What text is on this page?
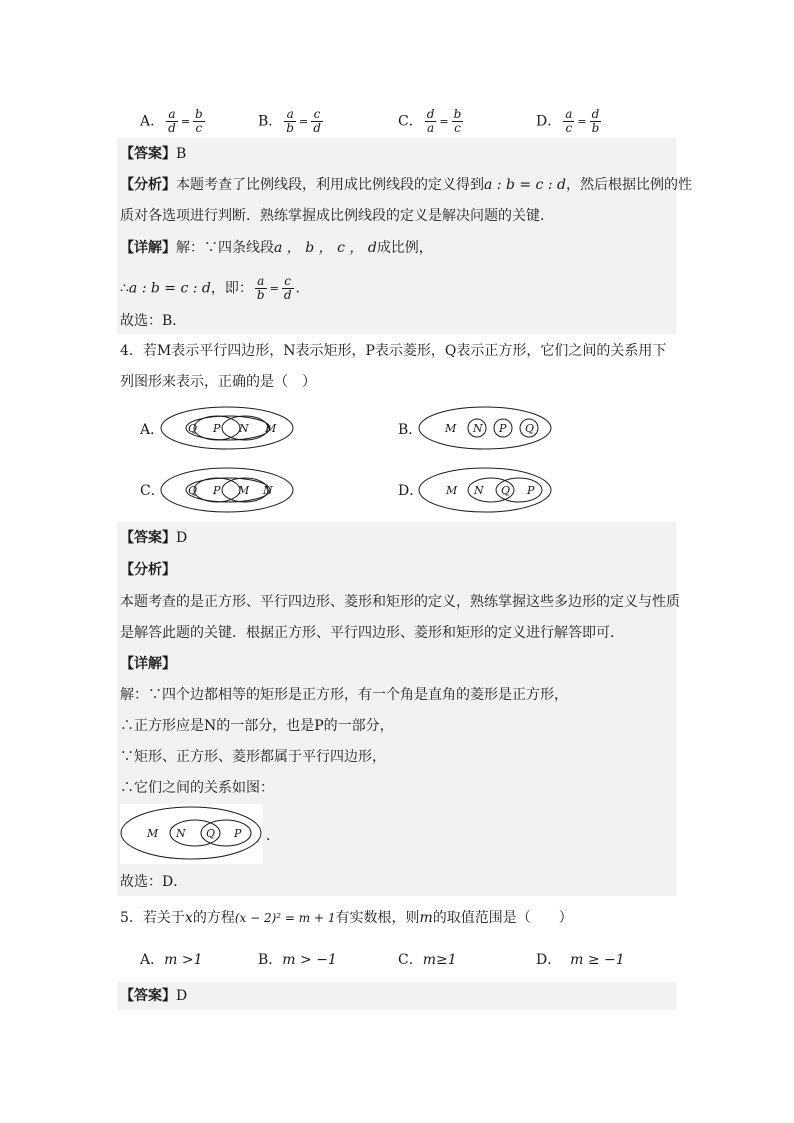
A． $\frac{a}{d} = \frac{b}{c}$	B． $\frac{a}{b} = \frac{c}{d}$	C． $\frac{d}{a} = \frac{b}{c}$	D． $\frac{a}{c} = \frac{d}{b}$
【答案】B
【分析】本题考查了比例线段，利用成比例线段的定义得到a : b = c : d，然后根据比例的性
质对各选项进行判断．熟练掌握成比例线段的定义是解决问题的关键．
【详解】解：∵四条线段a ， b ， c ， d成比例，
∴a : b = c : d，即： $\frac{a}{b} = \frac{c}{d}$ ．
故选：B．
4．若M表示平行四边形，N表示矩形，P表示菱形，Q表示正方形，它们之间的关系用下
列图形来表示，正确的是（　）
A． Q P N M	B． M N P Q
C． Q P M N	D． M N Q P
【答案】D
【分析】
本题考查的是正方形、平行四边形、菱形和矩形的定义，熟练掌握这些多边形的定义与性质
是解答此题的关键．根据正方形、平行四边形、菱形和矩形的定义进行解答即可．
【详解】
解：∵四个边都相等的矩形是正方形，有一个角是直角的菱形是正方形，
∴正方形应是N的一部分，也是P的一部分，
∵矩形、正方形、菱形都属于平行四边形，
∴它们之间的关系如图：
M N Q P ．
故选：D．
5．若关于x的方程(x − 2)² = m + 1有实数根，则m的取值范围是（　　）
A．m >1	B．m > −1	C．m≥1	D． m ≥ −1
【答案】D
